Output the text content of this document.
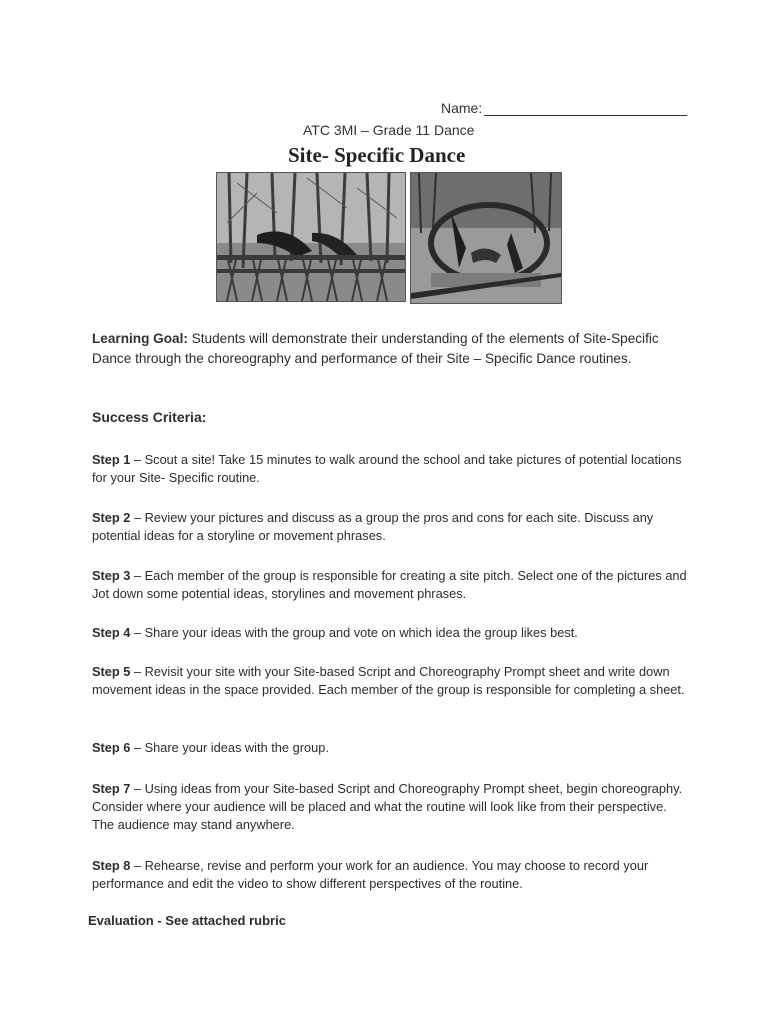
Name:
ATC 3MI – Grade 11 Dance
Site- Specific Dance
Learning Goal: Students will demonstrate their understanding of the elements of Site-Specific Dance through the choreography and performance of their Site – Specific Dance routines.
Success Criteria:
Step 1 – Scout a site! Take 15 minutes to walk around the school and take pictures of potential locations for your Site- Specific routine.
Step 2 – Review your pictures and discuss as a group the pros and cons for each site. Discuss any potential ideas for a storyline or movement phrases.
Step 3 – Each member of the group is responsible for creating a site pitch. Select one of the pictures and Jot down some potential ideas, storylines and movement phrases.
Step 4 – Share your ideas with the group and vote on which idea the group likes best.
Step 5 – Revisit your site with your Site-based Script and Choreography Prompt sheet and write down movement ideas in the space provided. Each member of the group is responsible for completing a sheet.
Step 6 – Share your ideas with the group.
Step 7 – Using ideas from your Site-based Script and Choreography Prompt sheet, begin choreography. Consider where your audience will be placed and what the routine will look like from their perspective. The audience may stand anywhere.
Step 8 – Rehearse, revise and perform your work for an audience. You may choose to record your performance and edit the video to show different perspectives of the routine.
Evaluation - See attached rubric
